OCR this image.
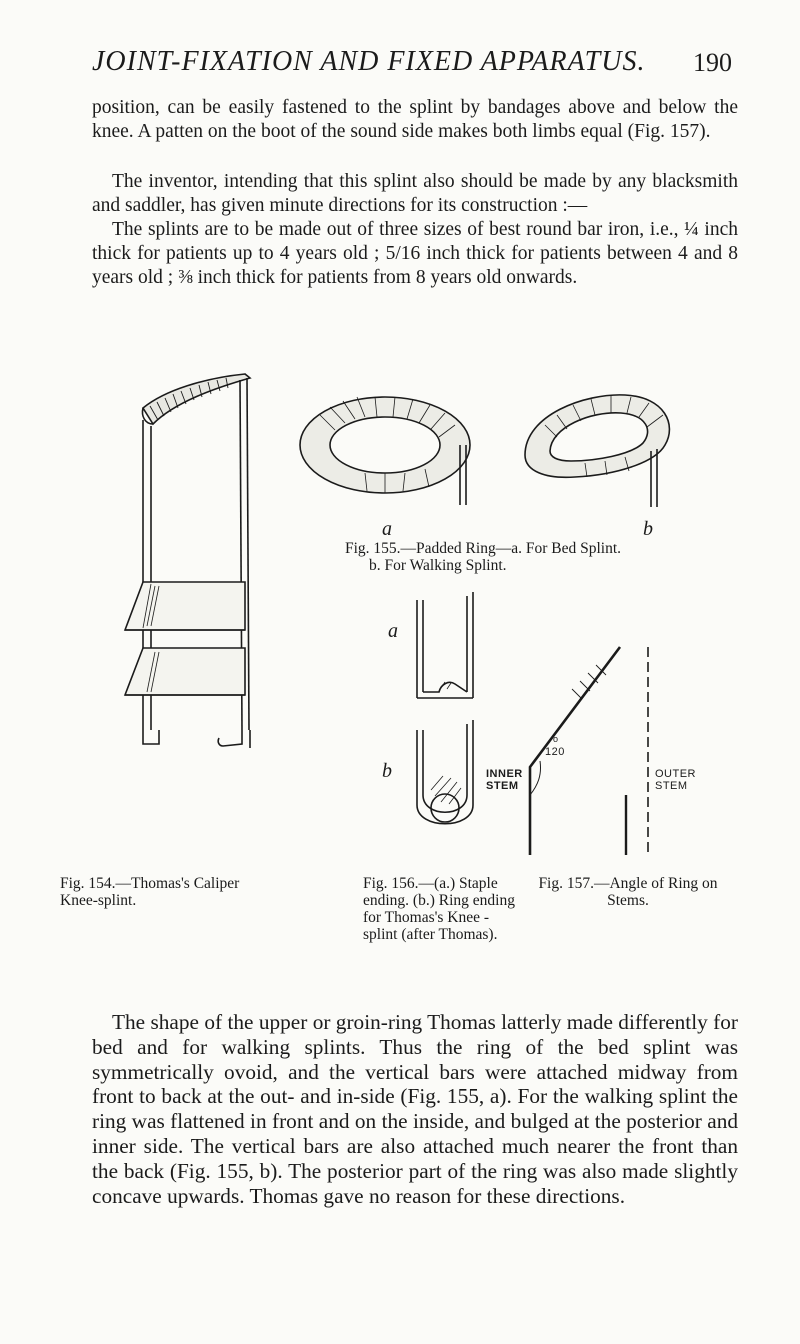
JOINT-FIXATION AND FIXED APPARATUS. 190

position, can be easily fastened to the splint by bandages above and below the knee. A patten on the boot of the sound side makes both limbs equal (Fig. 157).

The inventor, intending that this splint also should be made by any blacksmith and saddler, has given minute directions for its construction :—

The splints are to be made out of three sizes of best round bar iron, i.e., ¼ inch thick for patients up to 4 years old ; 5/16 inch thick for patients between 4 and 8 years old ; ⅜ inch thick for patients from 8 years old onwards.

Fig. 154.—Thomas's Caliper Knee-splint.

a	b

Fig. 155.—Padded Ring—a. For Bed Splint.
b. For Walking Splint.

a
b

Fig. 156.—(a.) Staple ending. (b.) Ring ending for Thomas's Knee - splint (after Thomas).

o
120
INNER
STEM
OUTER
STEM

Fig. 157.—Angle of Ring on Stems.

The shape of the upper or groin-ring Thomas latterly made differently for bed and for walking splints. Thus the ring of the bed splint was symmetrically ovoid, and the vertical bars were attached midway from front to back at the out- and in-side (Fig. 155, a). For the walking splint the ring was flattened in front and on the inside, and bulged at the posterior and inner side. The vertical bars are also attached much nearer the front than the back (Fig. 155, b). The posterior part of the ring was also made slightly concave upwards. Thomas gave no reason for these directions.
